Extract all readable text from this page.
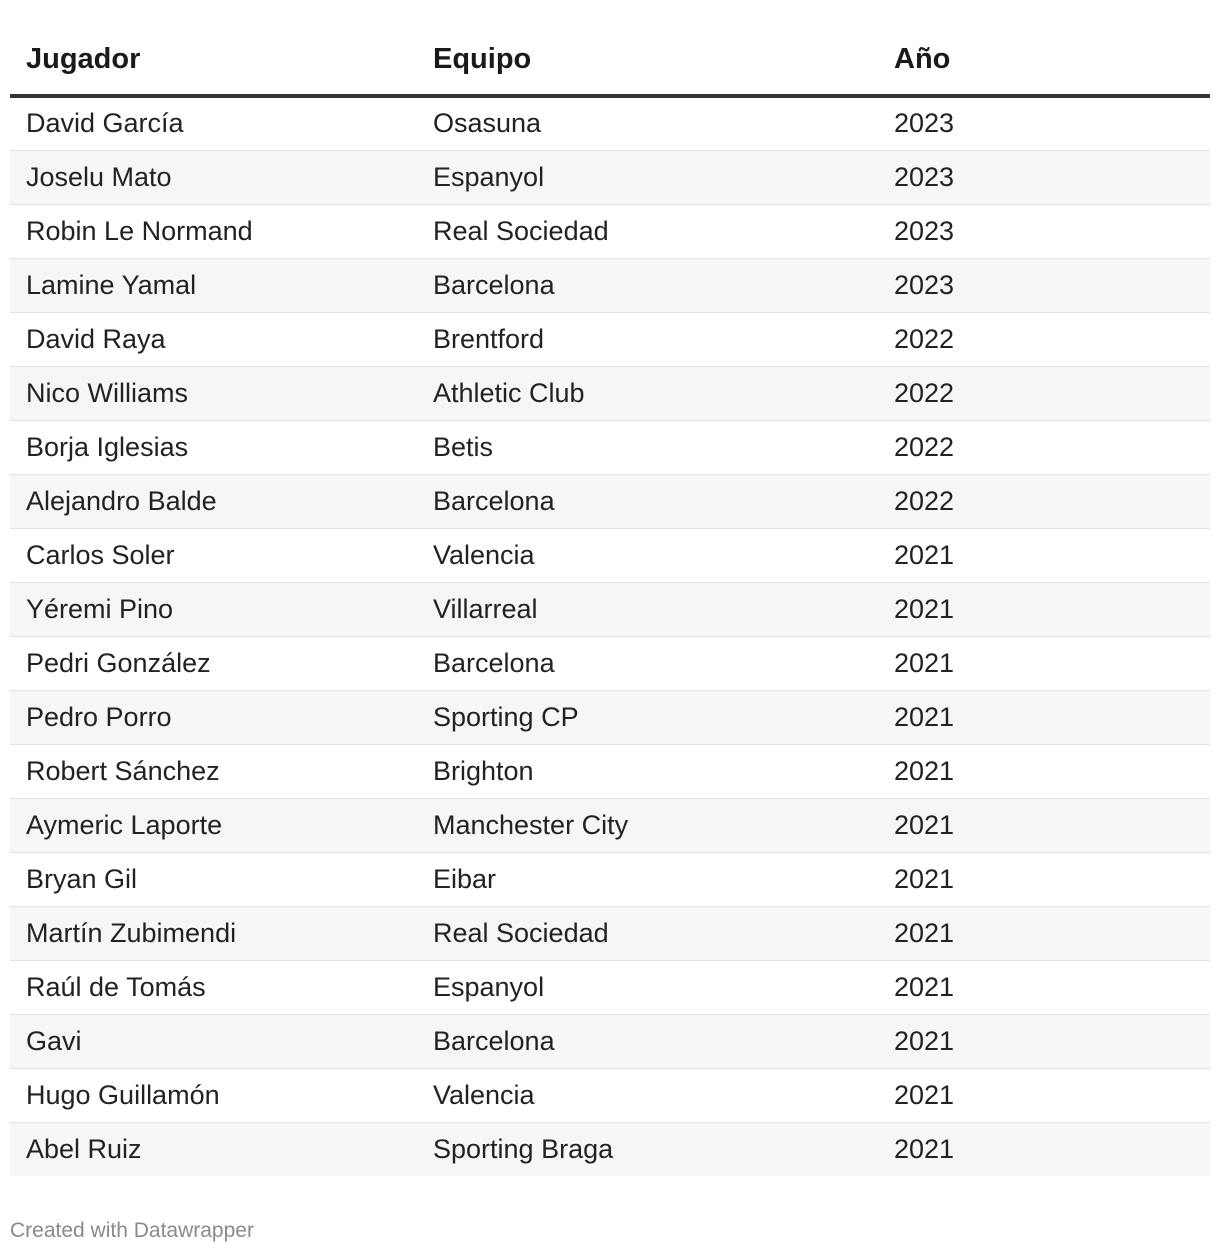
Jugador	Equipo	Año
David García	Osasuna	2023
Joselu Mato	Espanyol	2023
Robin Le Normand	Real Sociedad	2023
Lamine Yamal	Barcelona	2023
David Raya	Brentford	2022
Nico Williams	Athletic Club	2022
Borja Iglesias	Betis	2022
Alejandro Balde	Barcelona	2022
Carlos Soler	Valencia	2021
Yéremi Pino	Villarreal	2021
Pedri González	Barcelona	2021
Pedro Porro	Sporting CP	2021
Robert Sánchez	Brighton	2021
Aymeric Laporte	Manchester City	2021
Bryan Gil	Eibar	2021
Martín Zubimendi	Real Sociedad	2021
Raúl de Tomás	Espanyol	2021
Gavi	Barcelona	2021
Hugo Guillamón	Valencia	2021
Abel Ruiz	Sporting Braga	2021
Created with Datawrapper
